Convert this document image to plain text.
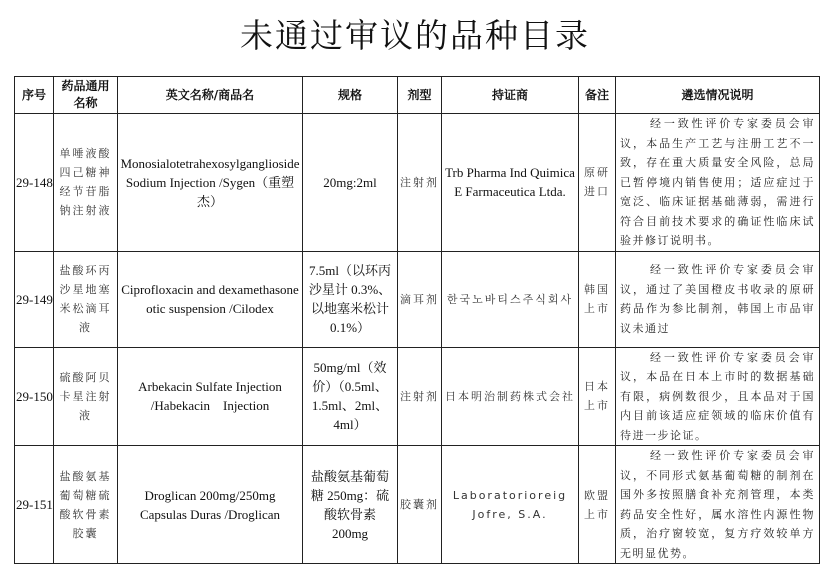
未通过审议的品种目录
序号	药品通用名称	英文名称/商品名	规格	剂型	持证商	备注	遴选情况说明
29-148	单唾液酸四己糖神经节苷脂钠注射液	Monosialotetrahexosylganglioside Sodium Injection /Sygen（重塑杰）	20mg:2ml	注射剂	Trb Pharma Ind Quimica E Farmaceutica Ltda.	原研进口	经一致性评价专家委员会审议，本品生产工艺与注册工艺不一致，存在重大质量安全风险，总局已暂停境内销售使用；适应症过于宽泛、临床证据基础薄弱，需进行符合目前技术要求的确证性临床试验并修订说明书。
29-149	盐酸环丙沙星地塞米松滴耳液	Ciprofloxacin and dexamethasone otic suspension /Cilodex	7.5ml（以环丙沙星计 0.3%、以地塞米松计 0.1%）	滴耳剂	한국노바티스주식회사	韩国上市	经一致性评价专家委员会审议，通过了美国橙皮书收录的原研药品作为参比制剂，韩国上市品审议未通过
29-150	硫酸阿贝卡星注射液	Arbekacin Sulfate Injection /Habekacin　Injection	50mg/ml（效价）（0.5ml、1.5ml、2ml、4ml）	注射剂	日本明治制药株式会社	日本上市	经一致性评价专家委员会审议，本品在日本上市时的数据基础有限，病例数很少，且本品对于国内目前该适应症领域的临床价值有待进一步论证。
29-151	盐酸氨基葡萄糖硫酸软骨素胶囊	Droglican 200mg/250mg Capsulas Duras /Droglican	盐酸氨基葡萄糖 250mg：硫酸软骨素 200mg	胶囊剂	Laboratorioreig Jofre, S.A.	欧盟上市	经一致性评价专家委员会审议，不同形式氨基葡萄糖的制剂在国外多按照膳食补充剂管理，本类药品安全性好，属水溶性内源性物质，治疗窗较宽，复方疗效较单方无明显优势。
